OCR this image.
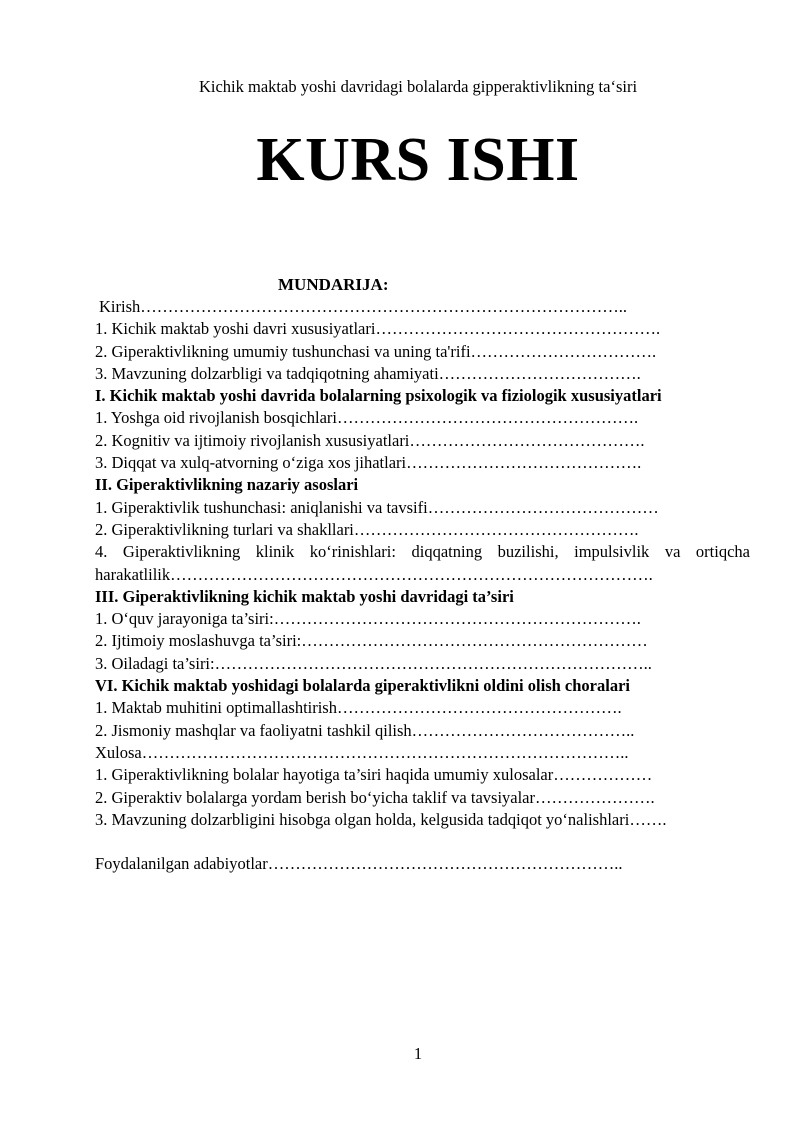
Kichik maktab yoshi davridagi bolalarda gipperaktivlikning ta‘siri
KURS ISHI
MUNDARIJA:
Kirish……………………………………………………………………………..
1. Kichik maktab yoshi davri xususiyatlari…………………………………………….
2. Giperaktivlikning umumiy tushunchasi va uning ta'rifi…………………………….
3. Mavzuning dolzarbligi va tadqiqotning ahamiyati……………………………….
I. Kichik maktab yoshi davrida bolalarning psixologik va fiziologik xususiyatlari
1. Yoshga oid rivojlanish bosqichlari……………………………………………….
2. Kognitiv va ijtimoiy rivojlanish xususiyatlari…………………………………….
3. Diqqat va xulq-atvorning o‘ziga xos jihatlari…………………………………….
II. Giperaktivlikning nazariy asoslari
1. Giperaktivlik tushunchasi: aniqlanishi va tavsifi……………………………………
2. Giperaktivlikning turlari va shakllari…………………………………………….
4. Giperaktivlikning klinik ko‘rinishlari: diqqatning buzilishi, impulsivlik va ortiqcha harakatlilik…………………………………………………………………………….
III. Giperaktivlikning kichik maktab yoshi davridagi ta’siri
1. O‘quv jarayoniga ta’siri:………………………………………………………….
2. Ijtimoiy moslashuvga ta’siri:………………………………………………………
3. Oiladagi ta’siri:……………………………………………………………………..
VI. Kichik maktab yoshidagi bolalarda giperaktivlikni oldini olish choralari
1. Maktab muhitini optimallashtirish…………………………………………….
2. Jismoniy mashqlar va faoliyatni tashkil qilish…………………………………..
Xulosa……………………………………………………………………………..
1. Giperaktivlikning bolalar hayotiga ta’siri haqida umumiy xulosalar………………
2. Giperaktiv bolalarga yordam berish bo‘yicha taklif va tavsiyalar………………….
3. Mavzuning dolzarbligini hisobga olgan holda, kelgusida tadqiqot yo‘nalishlari…….
Foydalanilgan adabiyotlar………………………………………………………..
1
